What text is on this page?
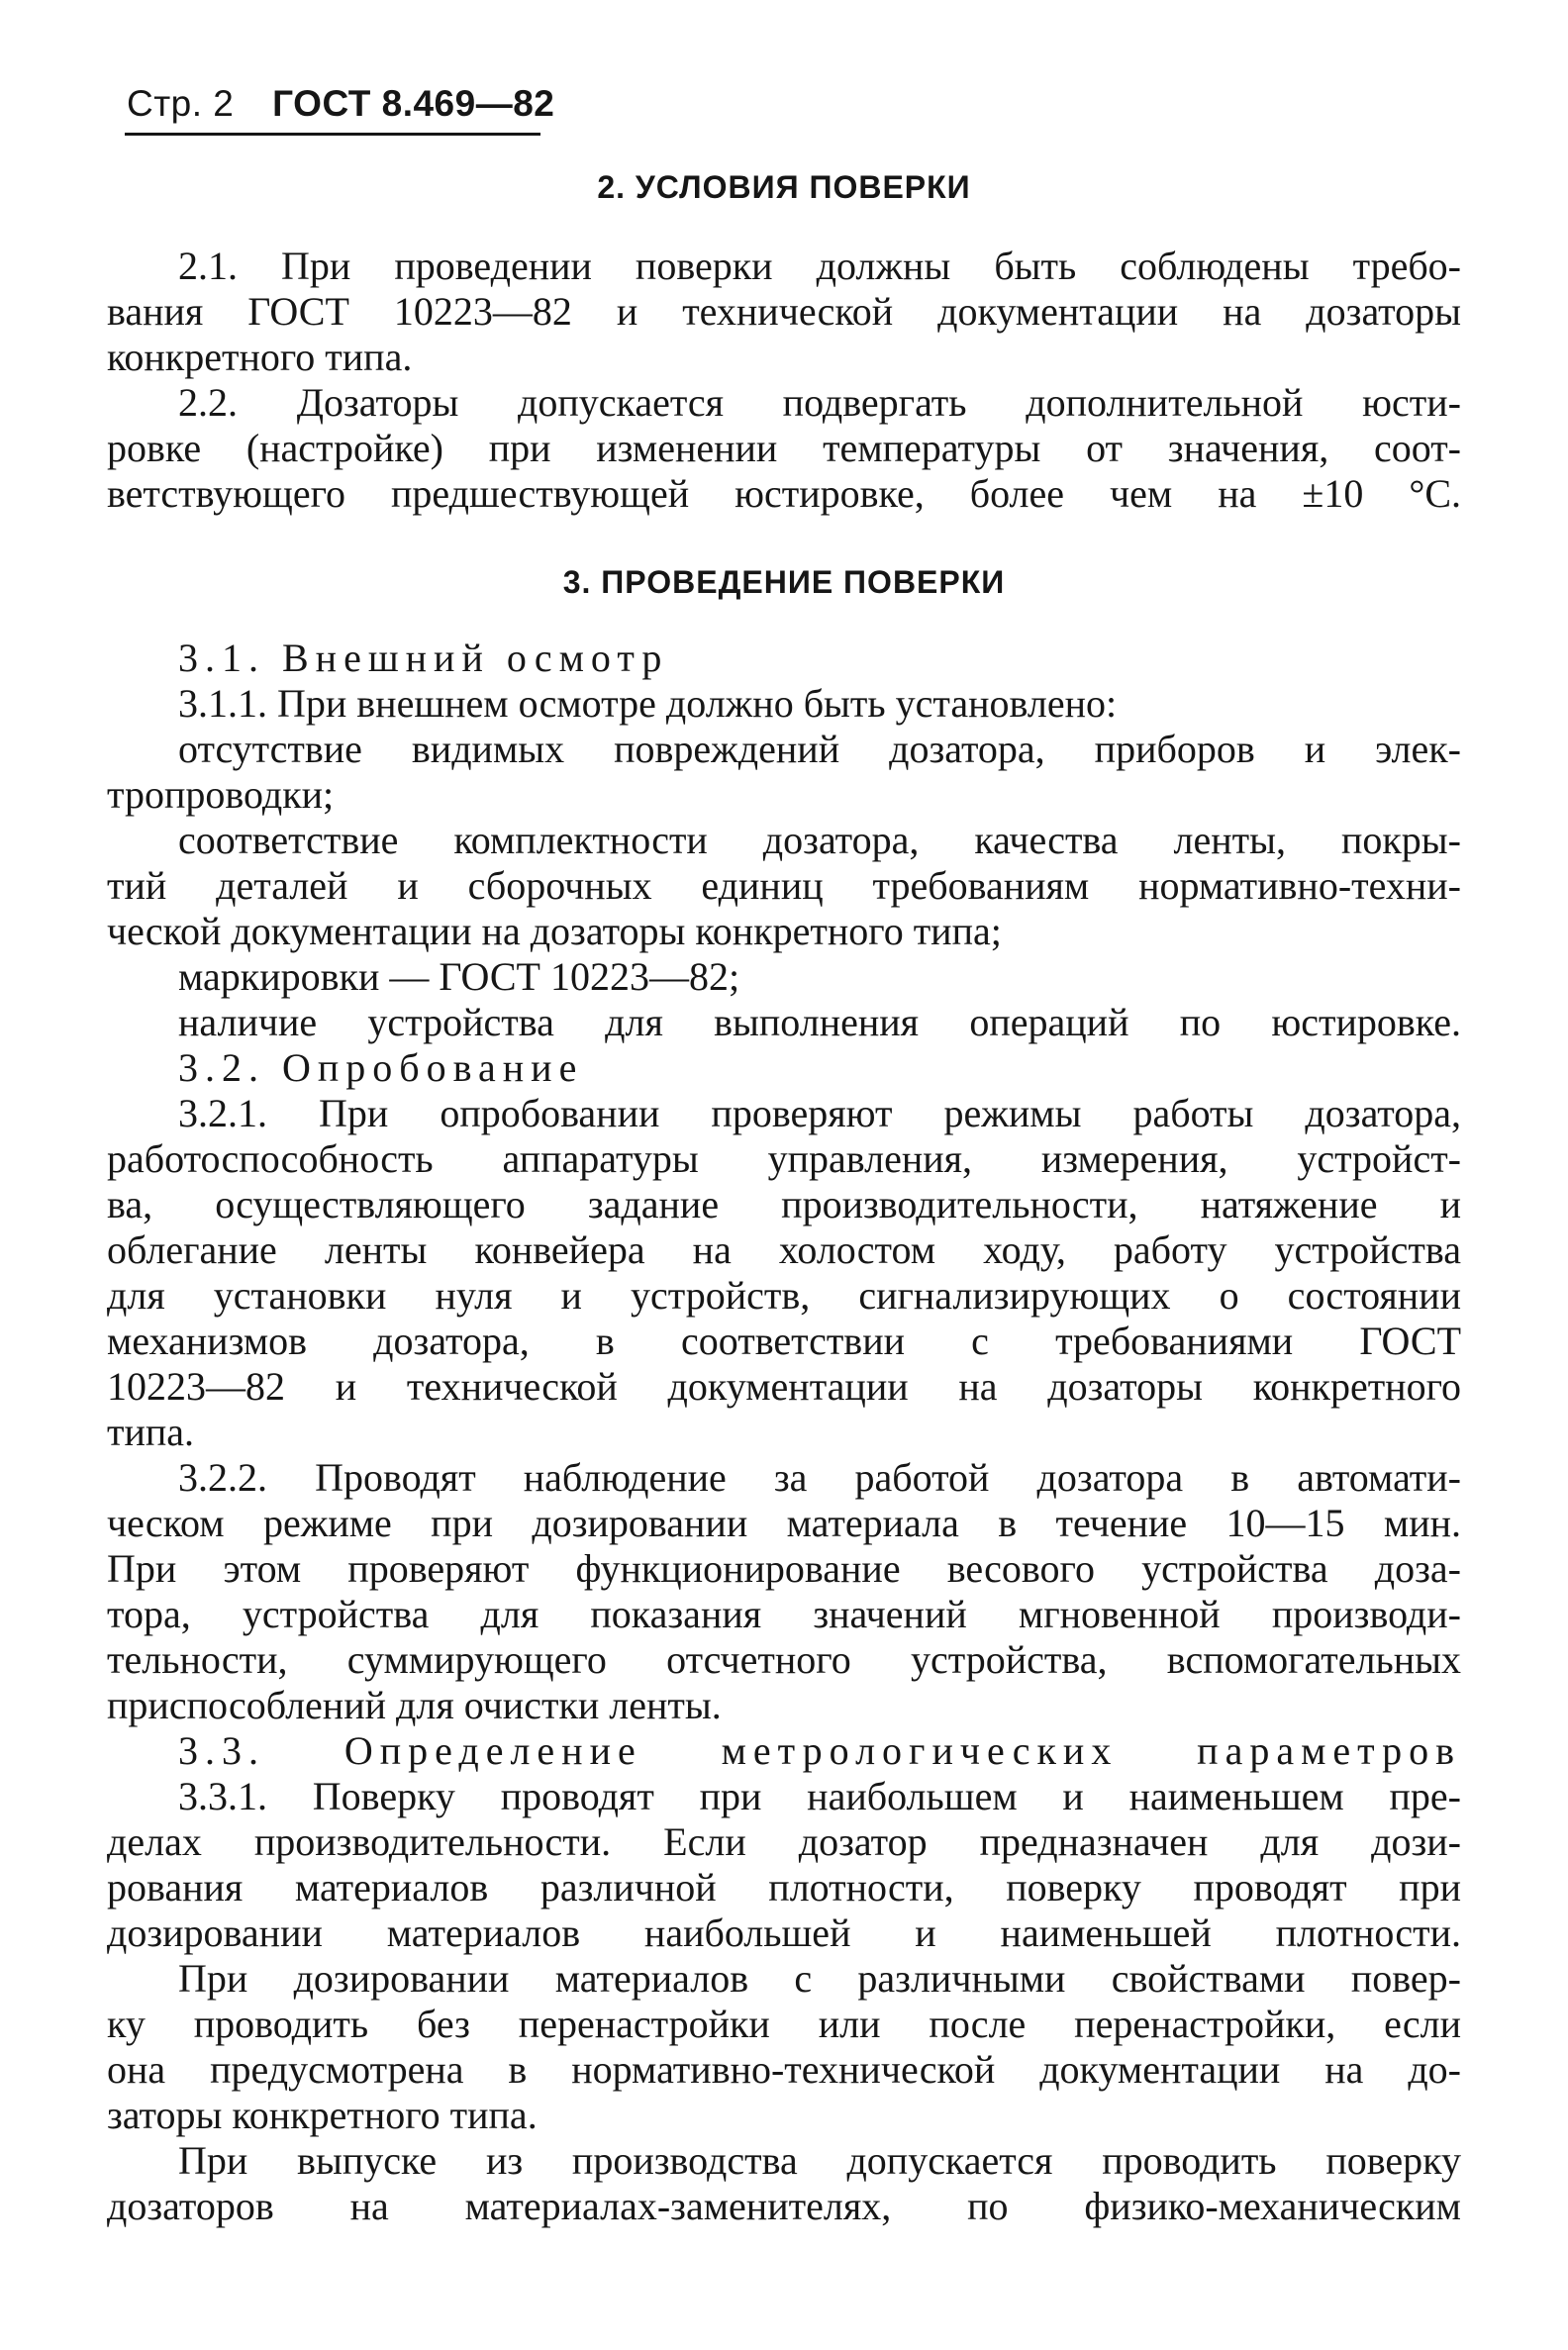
Стр. 2 ГОСТ 8.469—82
2. УСЛОВИЯ ПОВЕРКИ
2.1. При проведении поверки должны быть соблюдены требо-
вания ГОСТ 10223—82 и технической документации на дозаторы
конкретного типа.
2.2. Дозаторы допускается подвергать дополнительной юсти-
ровке (настройке) при изменении температуры от значения, соот-
ветствующего предшествующей юстировке, более чем на ±10 °С.
3. ПРОВЕДЕНИЕ ПОВЕРКИ
3.1. Внешний осмотр
3.1.1. При внешнем осмотре должно быть установлено:
отсутствие видимых повреждений дозатора, приборов и элек-
тропроводки;
соответствие комплектности дозатора, качества ленты, покры-
тий деталей и сборочных единиц требованиям нормативно-техни-
ческой документации на дозаторы конкретного типа;
маркировки — ГОСТ 10223—82;
наличие устройства для выполнения операций по юстировке.
3.2. Опробование
3.2.1. При опробовании проверяют режимы работы дозатора,
работоспособность аппаратуры управления, измерения, устройст-
ва, осуществляющего задание производительности, натяжение и
облегание ленты конвейера на холостом ходу, работу устройства
для установки нуля и устройств, сигнализирующих о состоянии
механизмов дозатора, в соответствии с требованиями ГОСТ
10223—82 и технической документации на дозаторы конкретного
типа.
3.2.2. Проводят наблюдение за работой дозатора в автомати-
ческом режиме при дозировании материала в течение 10—15 мин.
При этом проверяют функционирование весового устройства доза-
тора, устройства для показания значений мгновенной производи-
тельности, суммирующего отсчетного устройства, вспомогательных
приспособлений для очистки ленты.
3.3. Определение метрологических параметров
3.3.1. Поверку проводят при наибольшем и наименьшем пре-
делах производительности. Если дозатор предназначен для дози-
рования материалов различной плотности, поверку проводят при
дозировании материалов наибольшей и наименьшей плотности.
При дозировании материалов с различными свойствами повер-
ку проводить без перенастройки или после перенастройки, если
она предусмотрена в нормативно-технической документации на до-
заторы конкретного типа.
При выпуске из производства допускается проводить поверку
дозаторов на материалах-заменителях, по физико-механическим
